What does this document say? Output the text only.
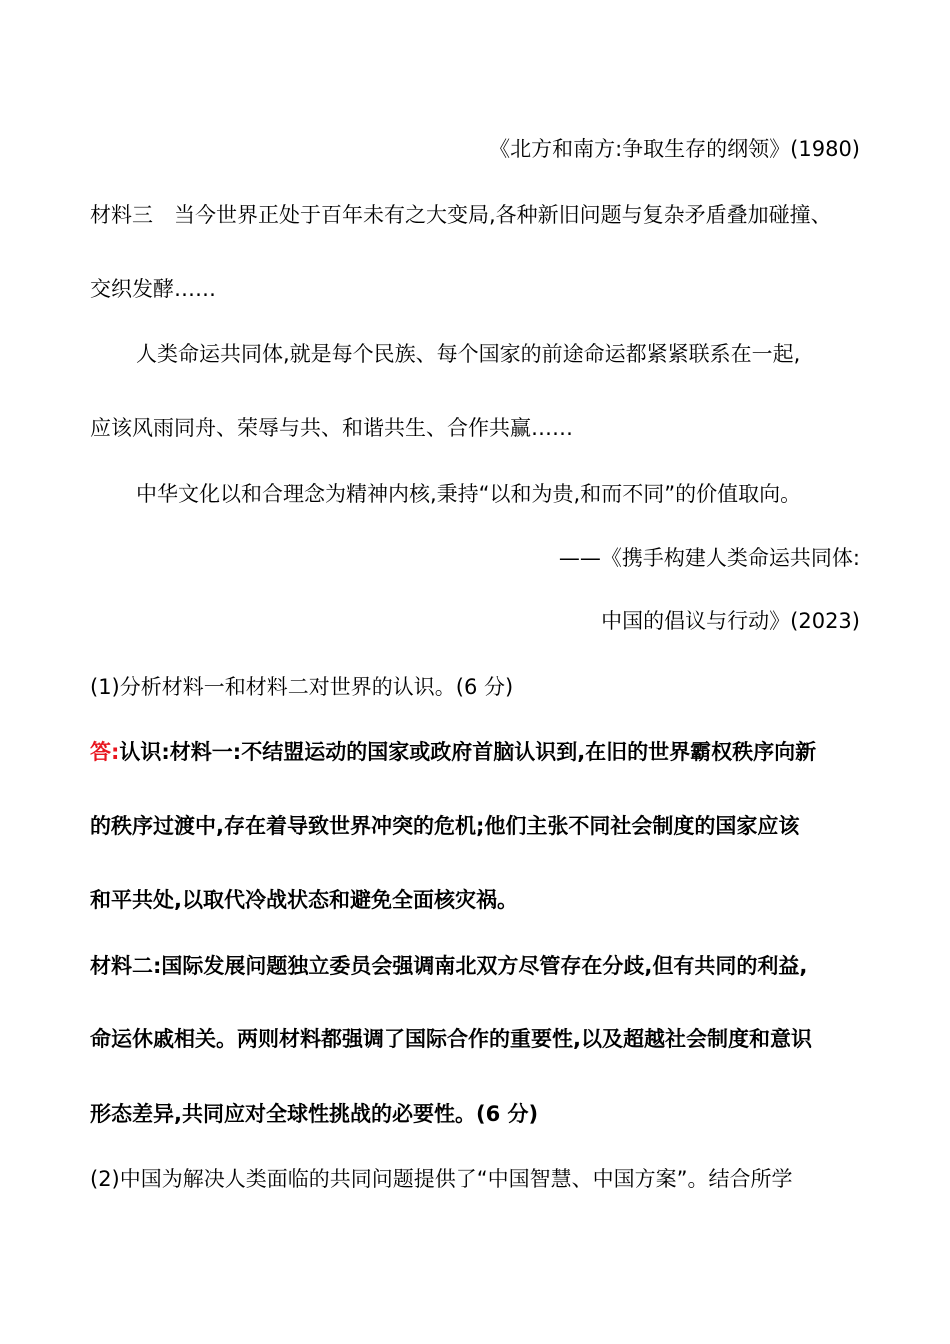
《北方和南方:争取生存的纲领》(1980)
材料三　当今世界正处于百年未有之大变局,各种新旧问题与复杂矛盾叠加碰撞、
交织发酵……
人类命运共同体,就是每个民族、每个国家的前途命运都紧紧联系在一起,
应该风雨同舟、荣辱与共、和谐共生、合作共赢……
中华文化以和合理念为精神内核,秉持“以和为贵,和而不同”的价值取向。
——《携手构建人类命运共同体:
中国的倡议与行动》(2023)
(1)分析材料一和材料二对世界的认识。(6 分)
答:认识:材料一:不结盟运动的国家或政府首脑认识到,在旧的世界霸权秩序向新
的秩序过渡中,存在着导致世界冲突的危机;他们主张不同社会制度的国家应该
和平共处,以取代冷战状态和避免全面核灾祸。
材料二:国际发展问题独立委员会强调南北双方尽管存在分歧,但有共同的利益,
命运休戚相关。两则材料都强调了国际合作的重要性,以及超越社会制度和意识
形态差异,共同应对全球性挑战的必要性。(6 分)
(2)中国为解决人类面临的共同问题提供了“中国智慧、中国方案”。结合所学
